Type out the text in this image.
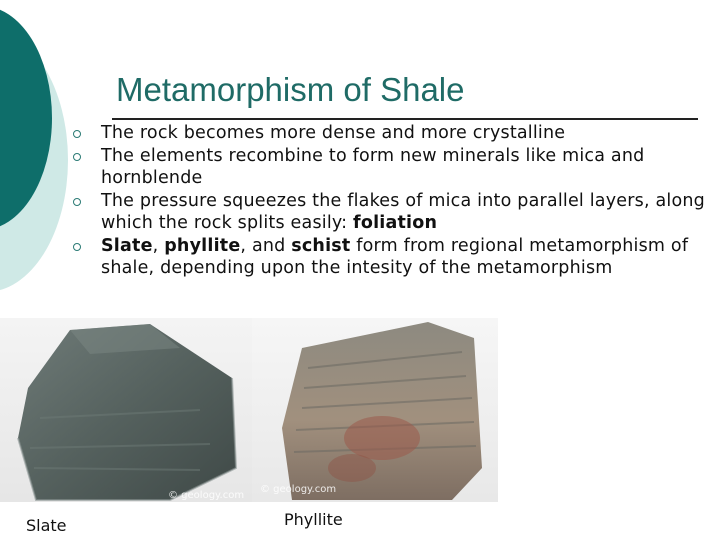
Metamorphism of Shale
The rock becomes more dense and more crystalline
The elements recombine to form new minerals like mica and hornblende
The pressure squeezes the flakes of mica into parallel layers, along which the rock splits easily: foliation
Slate, phyllite, and schist form from regional metamorphism of shale, depending upon the intesity of the metamorphism
© geology.com
© geology.com
Slate	Phyllite
